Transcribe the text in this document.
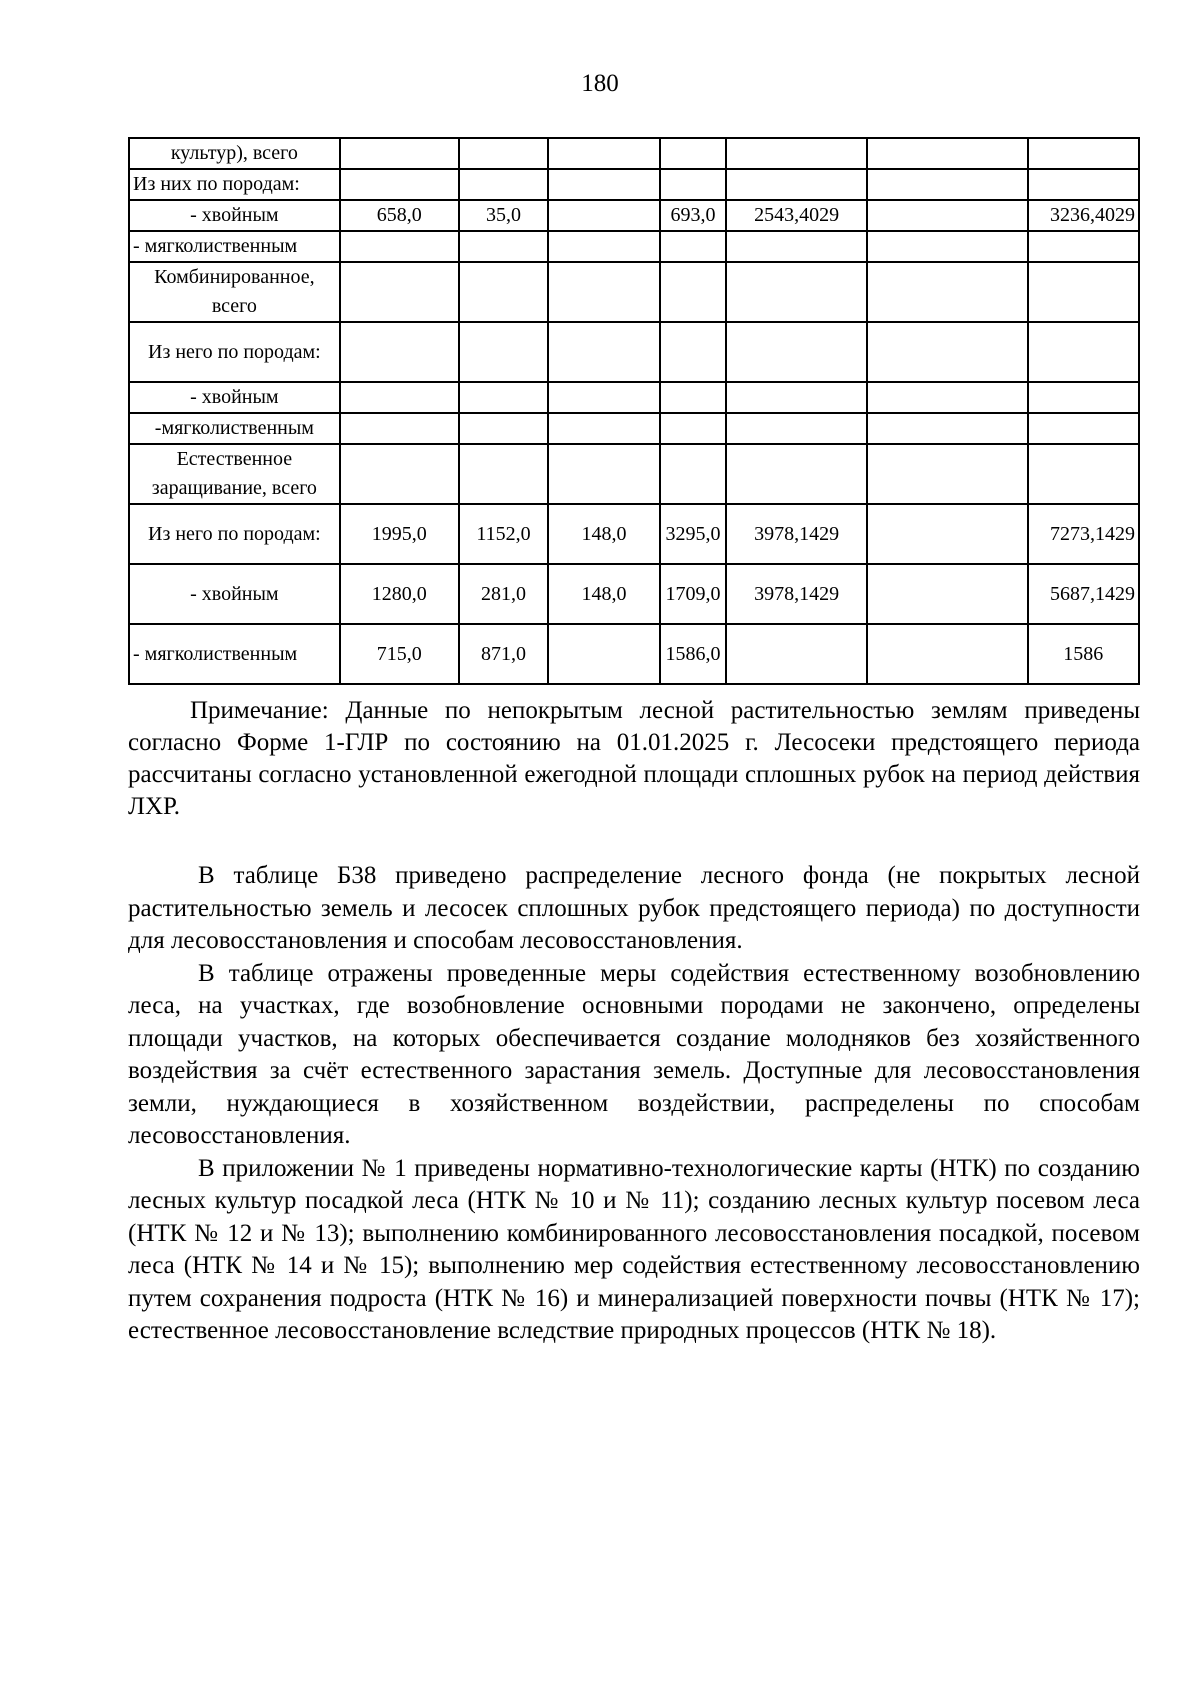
180
культур), всего							
Из них по породам:							
- хвойным	658,0	35,0		693,0	2543,4029		3236,4029
- мягколиственным							
Комбинированное, всего							
Из него по породам:							
- хвойным							
-мягколиственным							
Естественное заращивание, всего							
Из него по породам:	1995,0	1152,0	148,0	3295,0	3978,1429		7273,1429
- хвойным	1280,0	281,0	148,0	1709,0	3978,1429		5687,1429
- мягколиственным	715,0	871,0		1586,0			1586

Примечание: Данные по непокрытым лесной растительностью землям приведены согласно Форме 1-ГЛР по состоянию на 01.01.2025 г. Лесосеки предстоящего периода рассчитаны согласно установленной ежегодной площади сплошных рубок на период действия ЛХР.

В таблице Б38 приведено распределение лесного фонда (не покрытых лесной растительностью земель и лесосек сплошных рубок предстоящего периода) по доступности для лесовосстановления и способам лесовосстановления.

В таблице отражены проведенные меры содействия естественному возобновлению леса, на участках, где возобновление основными породами не закончено, определены площади участков, на которых обеспечивается создание молодняков без хозяйственного воздействия за счёт естественного зарастания земель. Доступные для лесовосстановления земли, нуждающиеся в хозяйственном воздействии, распределены по способам лесовосстановления.

В приложении № 1 приведены нормативно-технологические карты (НТК) по созданию лесных культур посадкой леса (НТК № 10 и № 11); созданию лесных культур посевом леса (НТК № 12 и № 13); выполнению комбинированного лесовосстановления посадкой, посевом леса (НТК № 14 и № 15); выполнению мер содействия естественному лесовосстановлению путем сохранения подроста (НТК № 16) и минерализацией поверхности почвы (НТК № 17); естественное лесовосстановление вследствие природных процессов (НТК № 18).
